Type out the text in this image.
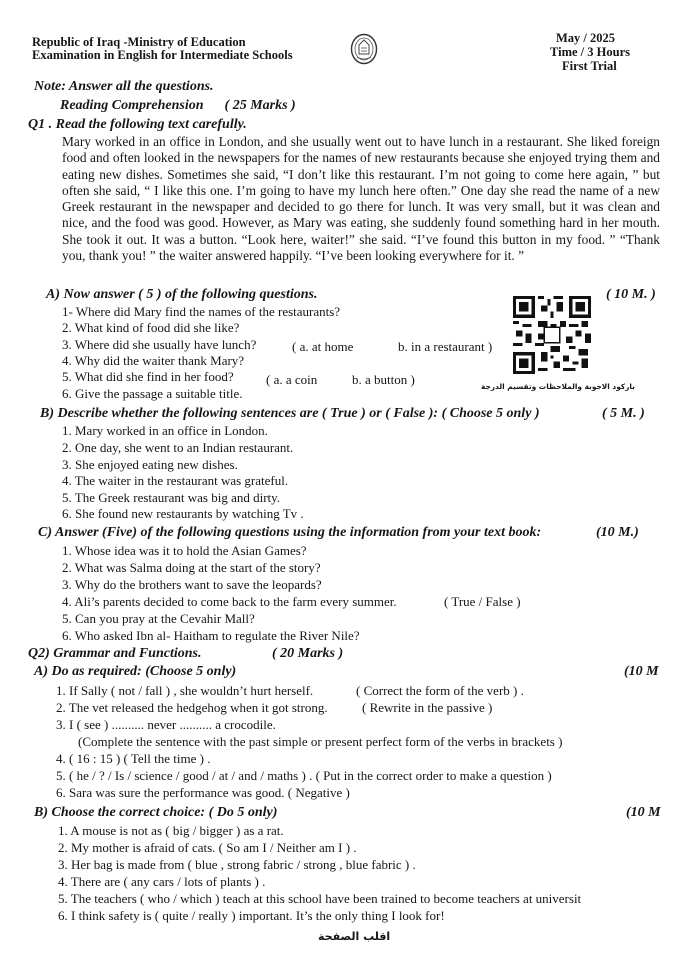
Republic of Iraq -Ministry of Education
Examination in English for Intermediate Schools
May / 2025
Time / 3 Hours
First Trial
Note: Answer all the questions.
Reading Comprehension      ( 25 Marks )
Q1 . Read the following text carefully.
Mary worked in an office in London, and she usually went out to have lunch in a restaurant. She liked foreign food and often looked in the newspapers for the names of new restaurants because she enjoyed trying them and eating new dishes. Sometimes she said, “I don’t like this restaurant. I’m not going to come here again, ” but often she said, “ I like this one. I’m going to have my lunch here often.” One day she read the name of a new Greek restaurant in the newspaper and decided to go there for lunch. It was very small, but it was clean and nice, and the food was good. However, as Mary was eating, she suddenly found something hard in her mouth. She took it out. It was a button. “Look here, waiter!” she said. “I’ve found this button in my food. ” “Thank you, thank you! ” the waiter answered happily. “I’ve been looking everywhere for it. ”
A) Now answer ( 5 ) of the following questions.	( 10 M. )
1- Where did Mary find the names of the restaurants?
2. What kind of food did she like?
3. Where did she usually have lunch?	( a. at home	b. in a restaurant )
4. Why did the waiter thank Mary?
5. What did she find in her food? ( a. a coin	b. a button )
6. Give the passage a suitable title.	باركود الاجوبة والملاحظات وتقسيم الدرجة
B) Describe whether the following sentences are ( True ) or ( False ): ( Choose 5 only )	( 5 M. )
1. Mary worked in an office in London.
2. One day, she went to an Indian restaurant.
3. She enjoyed eating new dishes.
4. The waiter in the restaurant was grateful.
5. The Greek restaurant was big and dirty.
6. She found new restaurants by watching Tv .
C) Answer (Five) of the following questions using the information from your text book:	(10 M.)
1. Whose idea was it to hold the Asian Games?
2. What was Salma doing at the start of the story?
3. Why do the brothers want to save the leopards?
4. Ali’s parents decided to come back to the farm every summer.	( True / False )
5. Can you pray at the Cevahir Mall?
6. Who asked Ibn al- Haitham to regulate the River Nile?
Q2) Grammar and Functions.	( 20 Marks )
A) Do as required: (Choose 5 only)	(10 M
1. If Sally ( not / fall ) , she wouldn’t hurt herself.	( Correct the form of the verb ) .
2. The vet released the hedgehog when it got strong.	( Rewrite in the passive )
3. I ( see ) .......... never .......... a crocodile.
(Complete the sentence with the past simple or present perfect form of the verbs in brackets )
4. ( 16 : 15 ) ( Tell the time ) .
5. ( he / ? / Is / science / good / at / and / maths ) . ( Put in the correct order to make a question )
6. Sara was sure the performance was good. ( Negative )
B) Choose the correct choice: ( Do 5 only)	(10 M
1. A mouse is not as ( big / bigger ) as a rat.
2. My mother is afraid of cats. ( So am I / Neither am I ) .
3. Her bag is made from ( blue , strong fabric / strong , blue fabric ) .
4. There are ( any cars / lots of plants ) .
5. The teachers ( who / which ) teach at this school have been trained to become teachers at universit
6. I think safety is ( quite / really ) important. It’s the only thing I look for!
اقلب الصفحة
